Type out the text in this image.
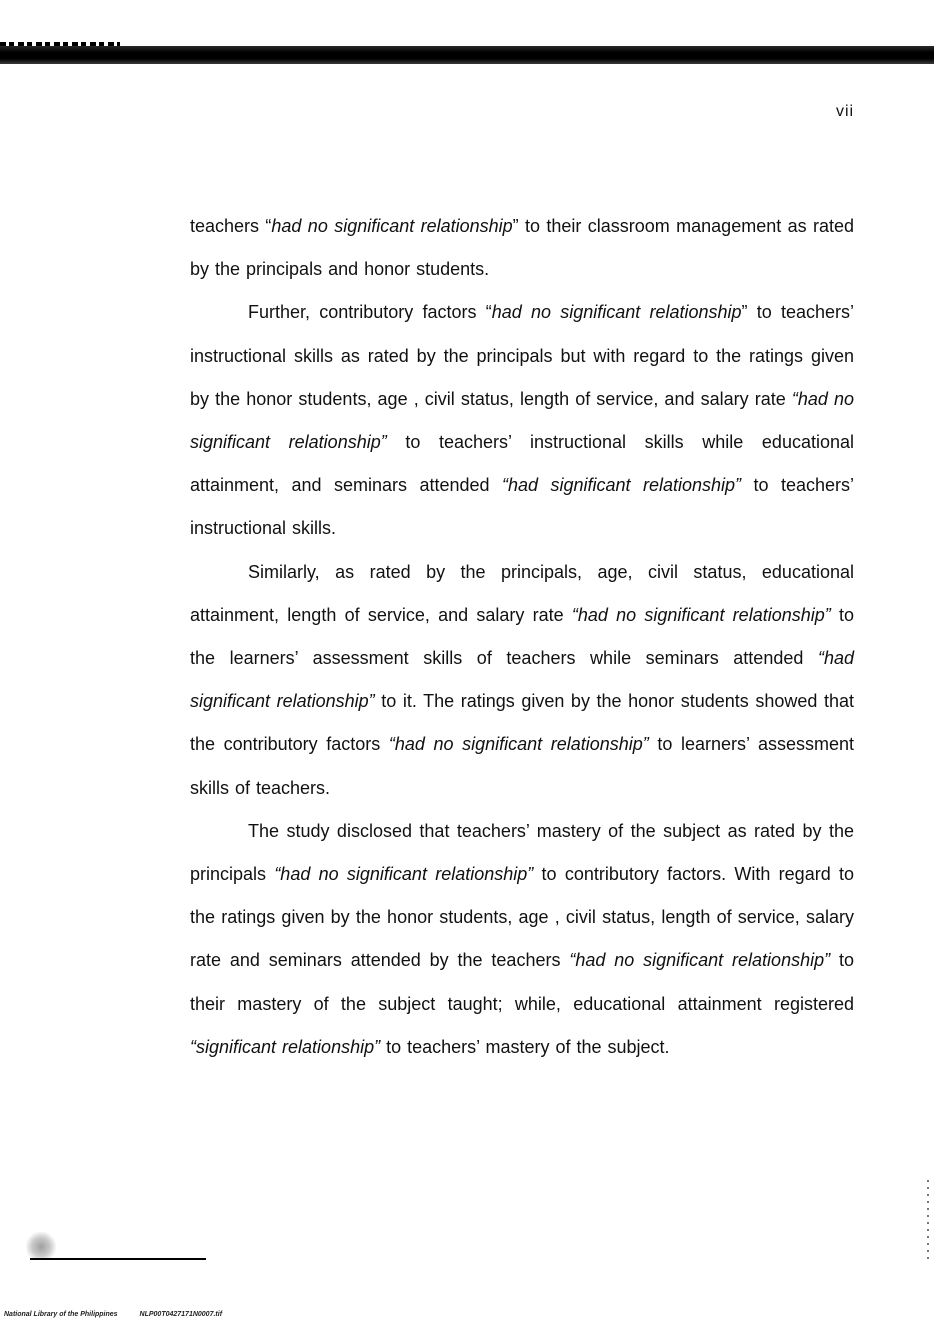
vii

teachers “had no significant relationship” to their classroom management as rated by the principals and honor students.

Further, contributory factors “had no significant relationship” to teachers’ instructional skills as rated by the principals but with regard to the ratings given by the honor students, age , civil status, length of service, and salary rate “had no significant relationship” to teachers’ instructional skills while educational attainment, and seminars attended “had significant relationship” to teachers’ instructional skills.

Similarly, as rated by the principals, age, civil status, educational attainment, length of service, and salary rate “had no significant relationship” to the learners’ assessment skills of teachers while seminars attended “had significant relationship” to it. The ratings given by the honor students showed that the contributory factors “had no significant relationship” to learners’ assessment skills of teachers.

The study disclosed that teachers’ mastery of the subject as rated by the principals “had no significant relationship” to contributory factors. With regard to the ratings given by the honor students, age , civil status, length of service, salary rate and seminars attended by the teachers “had no significant relationship” to their mastery of the subject taught; while, educational attainment registered “significant relationship” to teachers’ mastery of the subject.

National Library of the Philippines	NLP00T0427171N0007.tif
